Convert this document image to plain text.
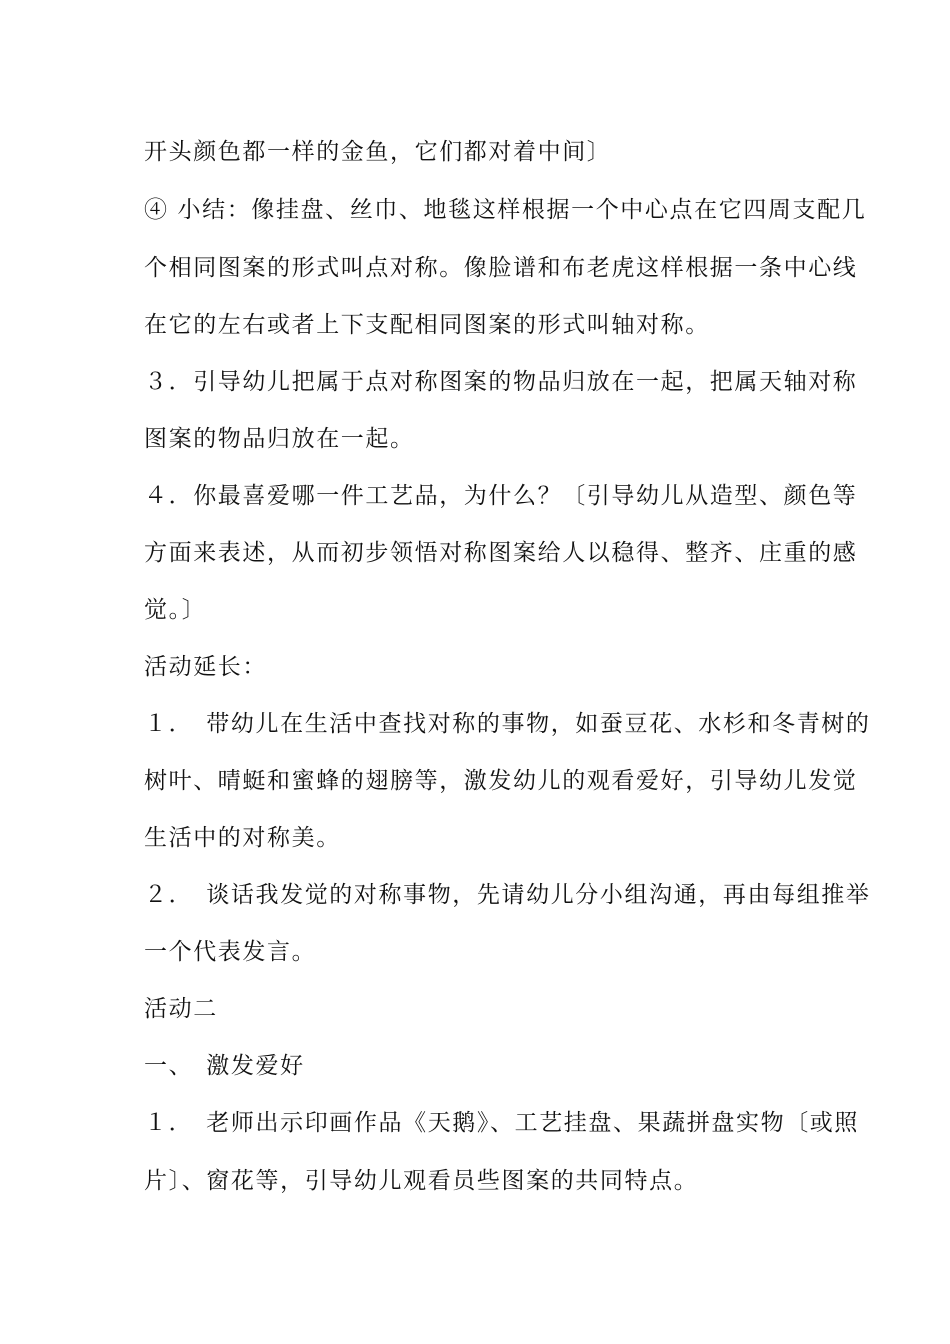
开头颜色都一样的金鱼，它们都对着中间〕
④ 小结：像挂盘、丝巾、地毯这样根据一个中心点在它四周支配几
个相同图案的形式叫点对称。像脸谱和布老虎这样根据一条中心线
在它的左右或者上下支配相同图案的形式叫轴对称。
３．引导幼儿把属于点对称图案的物品归放在一起，把属天轴对称
图案的物品归放在一起。
４．你最喜爱哪一件工艺品，为什么？〔引导幼儿从造型、颜色等
方面来表述，从而初步领悟对称图案给人以稳得、整齐、庄重的感
觉。〕
活动延长：
１．　带幼儿在生活中查找对称的事物，如蚕豆花、水杉和冬青树的
树叶、晴蜓和蜜蜂的翅膀等，激发幼儿的观看爱好，引导幼儿发觉
生活中的对称美。
２．　谈话我发觉的对称事物，先请幼儿分小组沟通，再由每组推举
一个代表发言。
活动二
一、　激发爱好
１．　老师出示印画作品《天鹅》、工艺挂盘、果蔬拼盘实物〔或照
片〕、窗花等，引导幼儿观看员些图案的共同特点。
